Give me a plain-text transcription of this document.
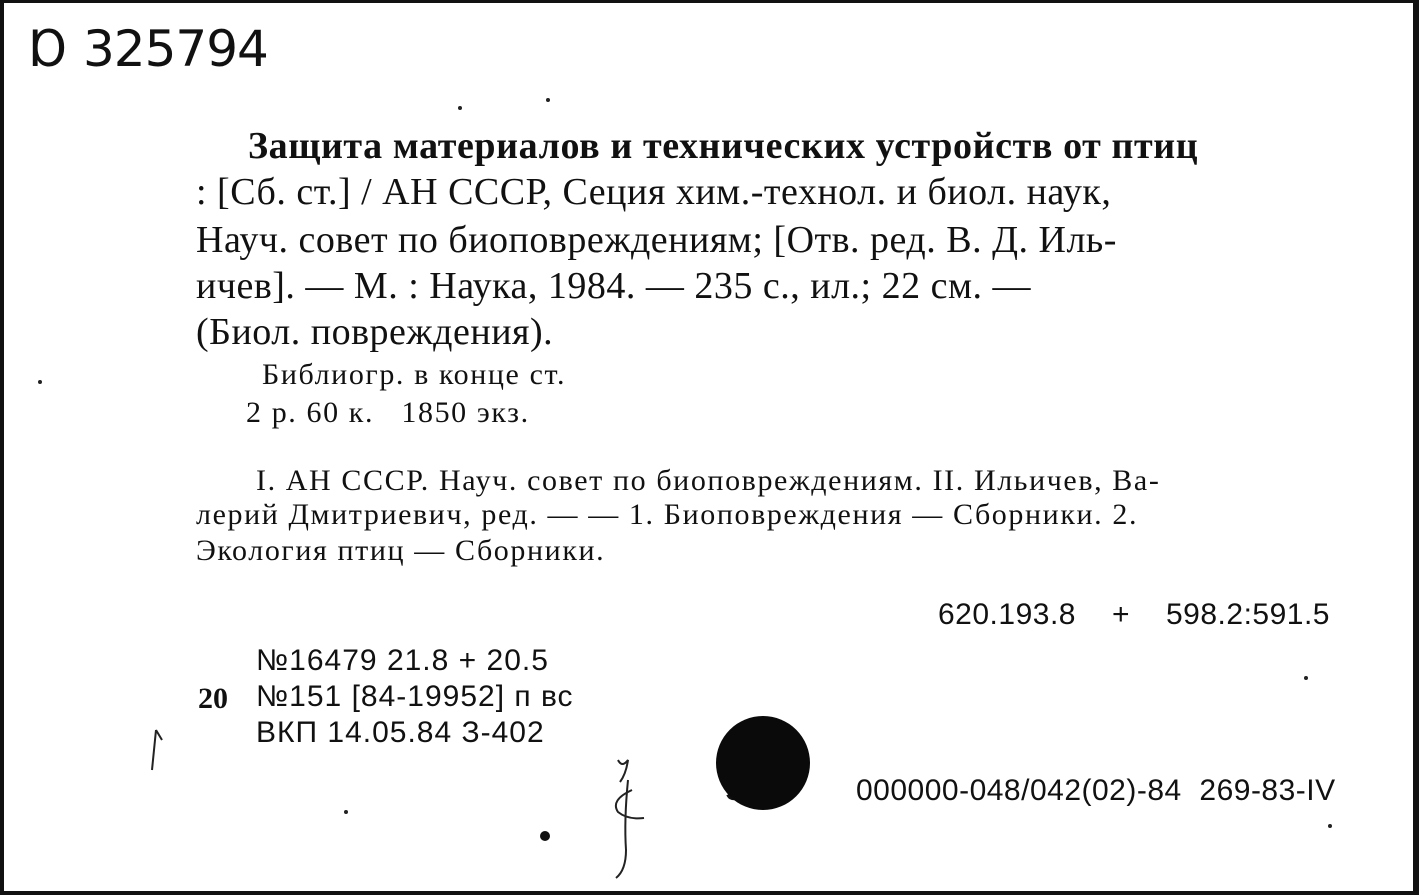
Ɒ 325794
Защита материалов и технических устройств от птиц
: [Сб. ст.] / АН СССР, Сеция хим.-технол. и биол. наук,
Науч. совет по биоповреждениям; [Отв. ред. В. Д. Иль-
ичев]. — М. : Наука, 1984. — 235 с., ил.; 22 см. —
(Биол. повреждения).
Библиогр. в конце ст.
2 р. 60 к.   1850 экз.
I. АН СССР. Науч. совет по биоповреждениям. II. Ильичев, Ва-
лерий Дмитриевич, ред. — — 1. Биоповреждения — Сборники. 2.
Экология птиц — Сборники.
620.193.8 + 598.2:591.5
№16479 21.8 + 20.5
20 №151 [84-19952] п вс
ВКП 14.05.84 З-402

000000-048/042(02)-84  269-83-IV
